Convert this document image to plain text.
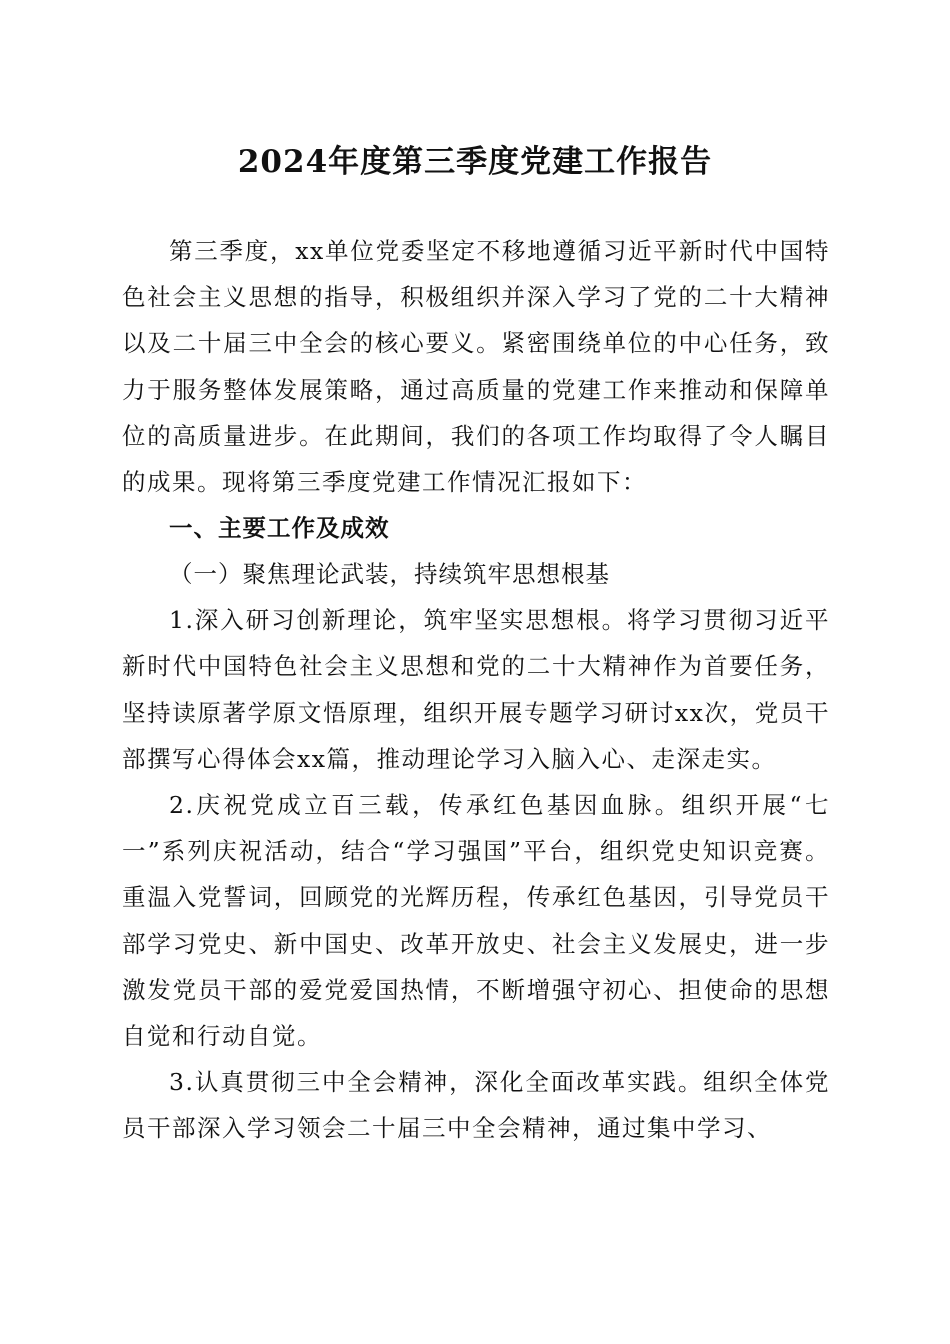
2024年度第三季度党建工作报告

第三季度，xx单位党委坚定不移地遵循习近平新时代中国特色社会主义思想的指导，积极组织并深入学习了党的二十大精神以及二十届三中全会的核心要义。紧密围绕单位的中心任务，致力于服务整体发展策略，通过高质量的党建工作来推动和保障单位的高质量进步。在此期间，我们的各项工作均取得了令人瞩目的成果。现将第三季度党建工作情况汇报如下：

一、主要工作及成效

（一）聚焦理论武装，持续筑牢思想根基

1.深入研习创新理论，筑牢坚实思想根。将学习贯彻习近平新时代中国特色社会主义思想和党的二十大精神作为首要任务，坚持读原著学原文悟原理，组织开展专题学习研讨xx次，党员干部撰写心得体会xx篇，推动理论学习入脑入心、走深走实。

2.庆祝党成立百三载，传承红色基因血脉。组织开展“七一”系列庆祝活动，结合“学习强国”平台，组织党史知识竞赛。重温入党誓词，回顾党的光辉历程，传承红色基因，引导党员干部学习党史、新中国史、改革开放史、社会主义发展史，进一步激发党员干部的爱党爱国热情，不断增强守初心、担使命的思想自觉和行动自觉。

3.认真贯彻三中全会精神，深化全面改革实践。组织全体党员干部深入学习领会二十届三中全会精神，通过集中学习、
